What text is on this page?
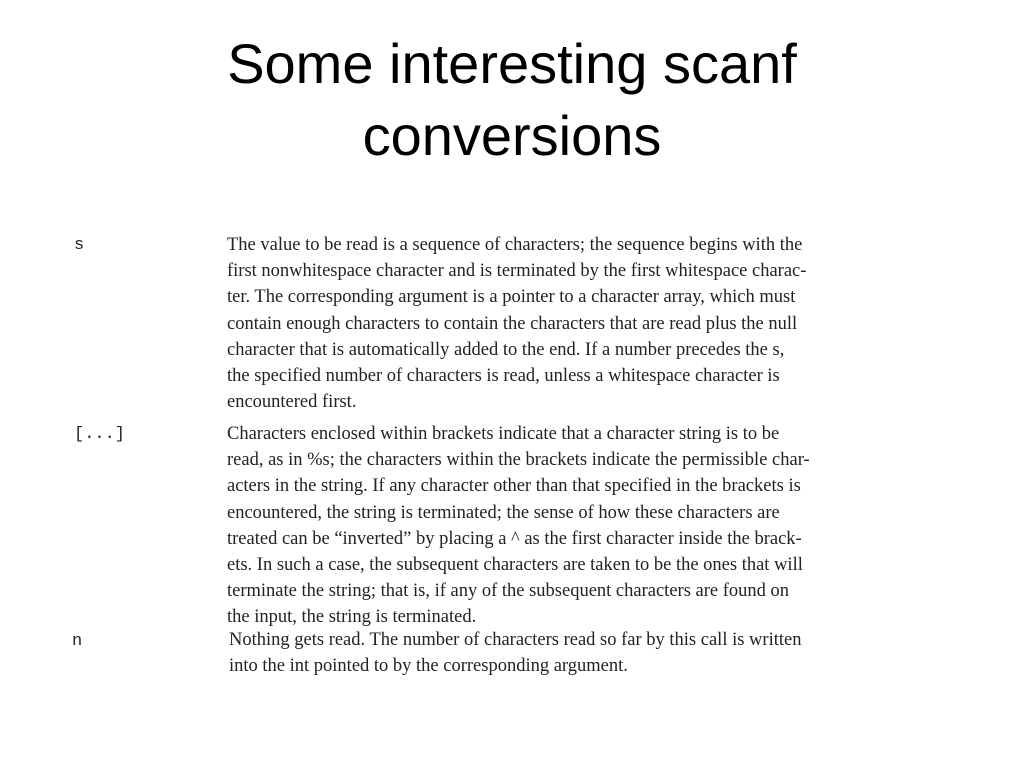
Some interesting scanf
conversions
s	The value to be read is a sequence of characters; the sequence begins with the
first nonwhitespace character and is terminated by the first whitespace charac-
ter. The corresponding argument is a pointer to a character array, which must
contain enough characters to contain the characters that are read plus the null
character that is automatically added to the end. If a number precedes the s,
the specified number of characters is read, unless a whitespace character is
encountered first.
[...]	Characters enclosed within brackets indicate that a character string is to be
read, as in %s; the characters within the brackets indicate the permissible char-
acters in the string. If any character other than that specified in the brackets is
encountered, the string is terminated; the sense of how these characters are
treated can be “inverted” by placing a ^ as the first character inside the brack-
ets. In such a case, the subsequent characters are taken to be the ones that will
terminate the string; that is, if any of the subsequent characters are found on
the input, the string is terminated.
n	Nothing gets read. The number of characters read so far by this call is written
into the int pointed to by the corresponding argument.
